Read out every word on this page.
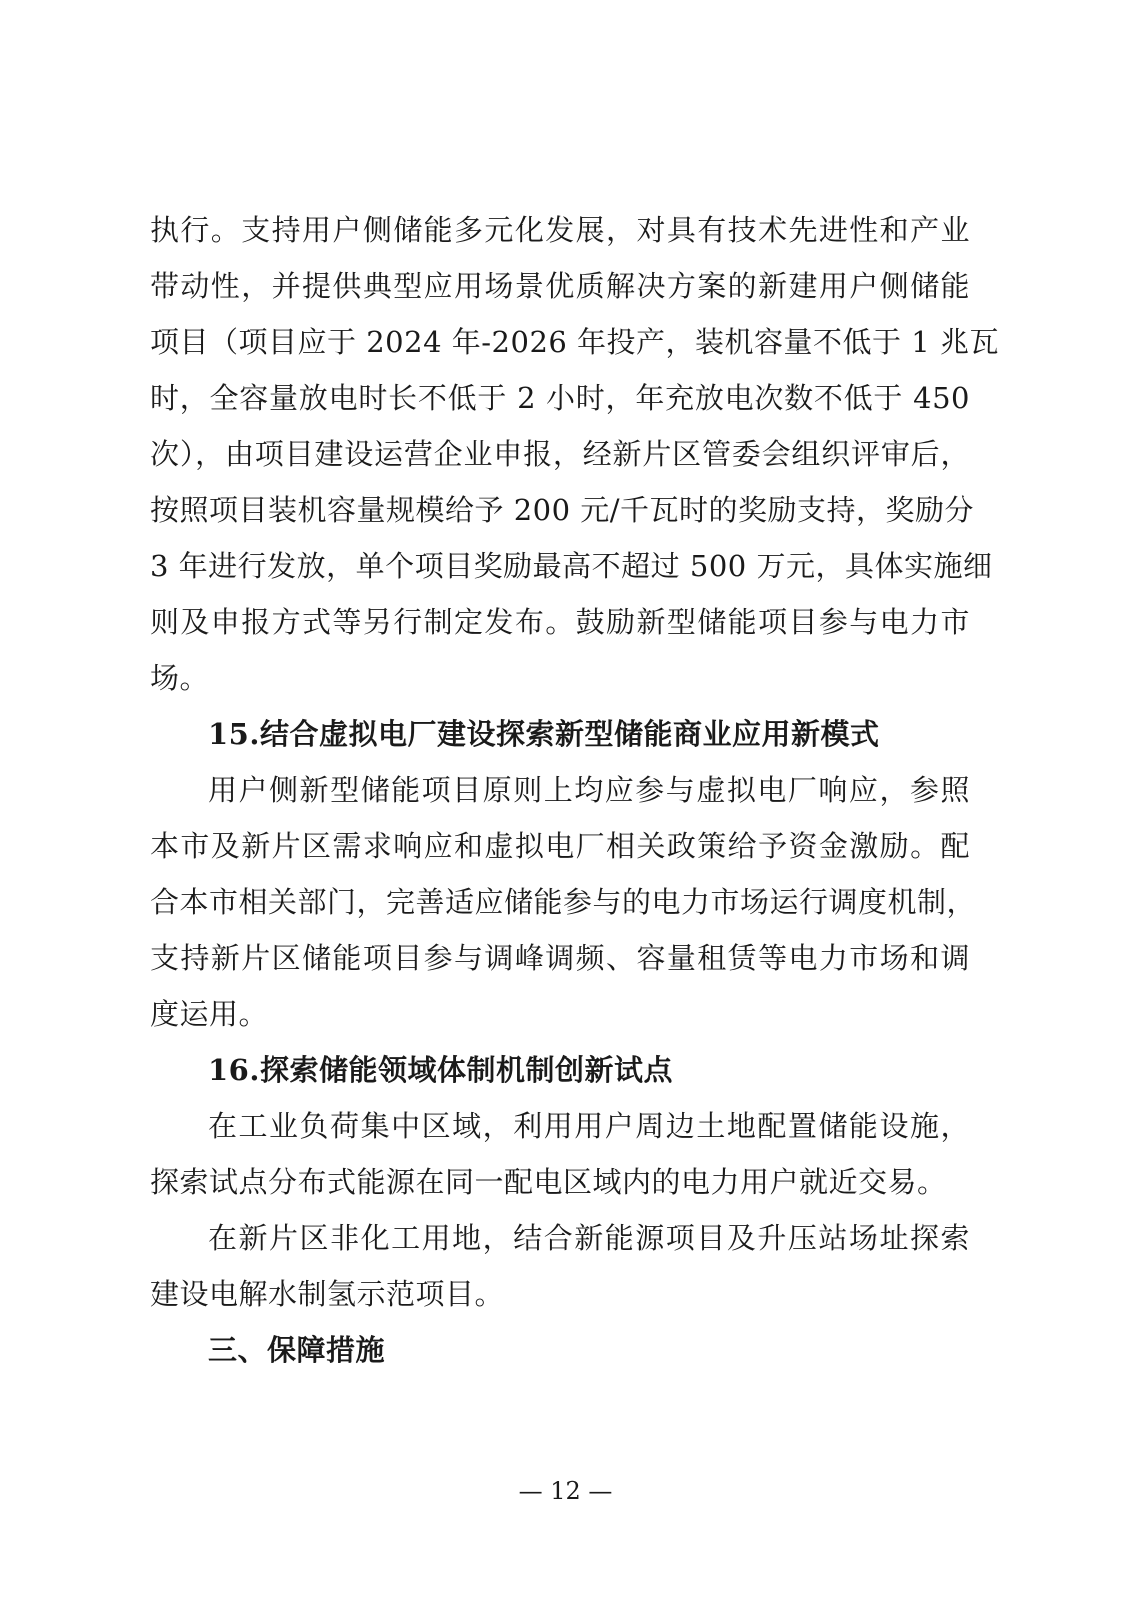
执行。支持用户侧储能多元化发展，对具有技术先进性和产业
带动性，并提供典型应用场景优质解决方案的新建用户侧储能
项目（项目应于 2024 年-2026 年投产，装机容量不低于 1 兆瓦
时，全容量放电时长不低于 2 小时，年充放电次数不低于 450
次），由项目建设运营企业申报，经新片区管委会组织评审后，
按照项目装机容量规模给予 200 元/千瓦时的奖励支持，奖励分
3 年进行发放，单个项目奖励最高不超过 500 万元，具体实施细
则及申报方式等另行制定发布。鼓励新型储能项目参与电力市
场。
15.结合虚拟电厂建设探索新型储能商业应用新模式
用户侧新型储能项目原则上均应参与虚拟电厂响应，参照
本市及新片区需求响应和虚拟电厂相关政策给予资金激励。配
合本市相关部门，完善适应储能参与的电力市场运行调度机制，
支持新片区储能项目参与调峰调频、容量租赁等电力市场和调
度运用。
16.探索储能领域体制机制创新试点
在工业负荷集中区域，利用用户周边土地配置储能设施，
探索试点分布式能源在同一配电区域内的电力用户就近交易。
在新片区非化工用地，结合新能源项目及升压站场址探索
建设电解水制氢示范项目。
三、保障措施
— 12 —
